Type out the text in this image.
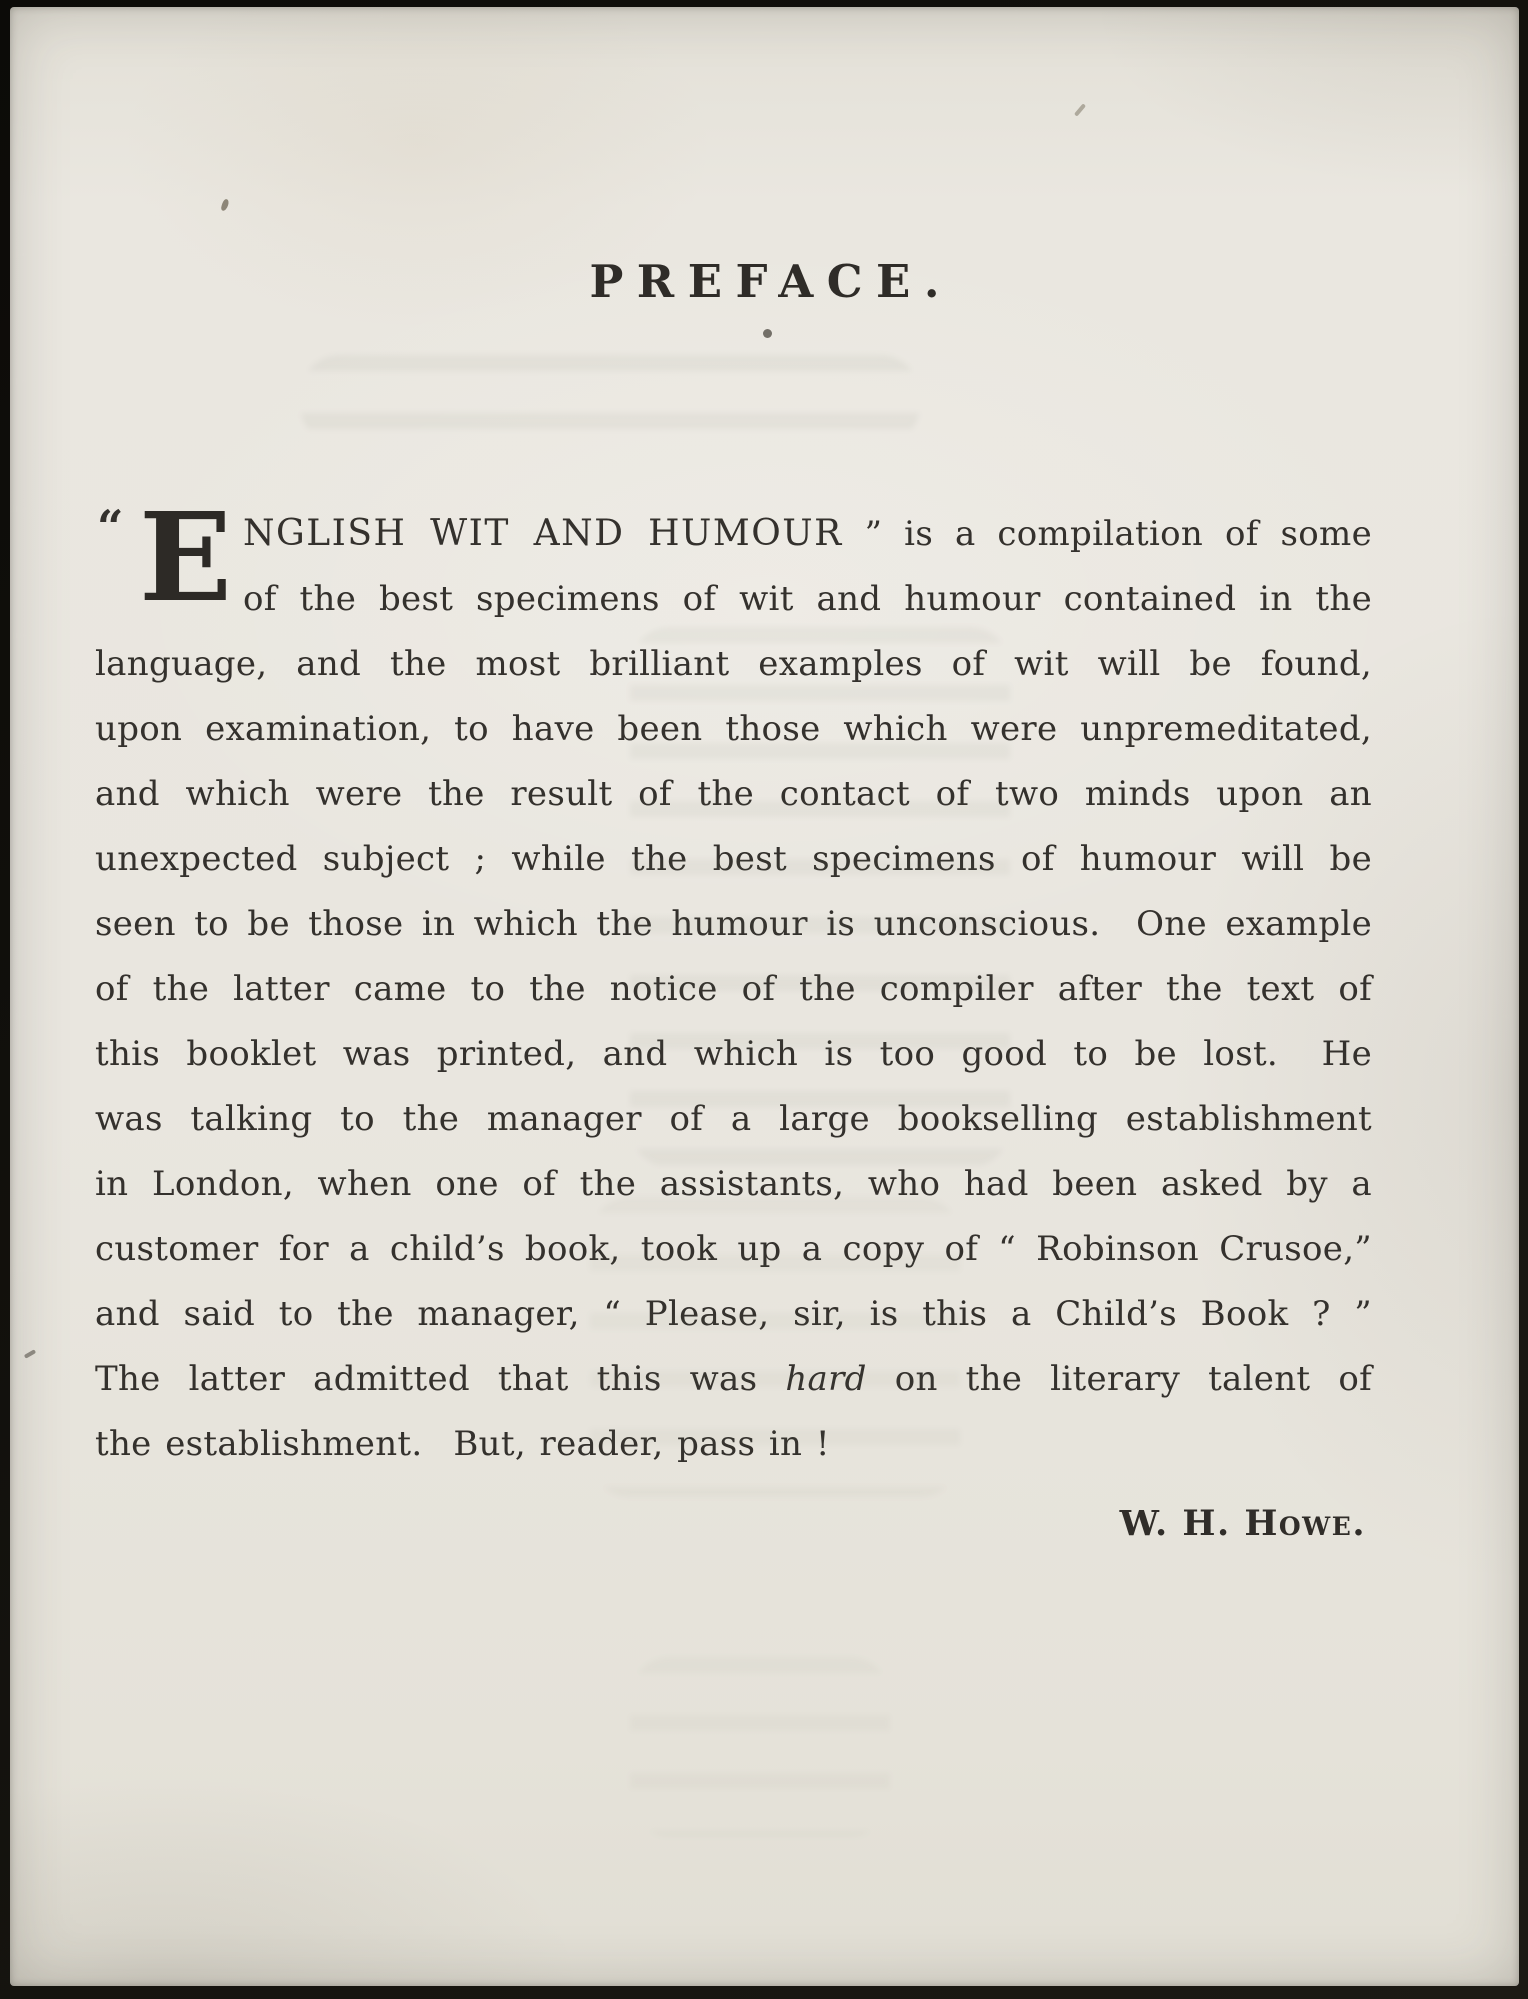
PREFACE.
“ E NGLISH WIT AND HUMOUR ” is a compilation of some
of the best specimens of wit and humour contained in the
language, and the most brilliant examples of wit will be found,
upon examination, to have been those which were unpremeditated,
and which were the result of the contact of two minds upon an
unexpected subject ; while the best specimens of humour will be
seen to be those in which the humour is unconscious.  One example
of the latter came to the notice of the compiler after the text of
this booklet was printed, and which is too good to be lost.  He
was talking to the manager of a large bookselling establishment
in London, when one of the assistants, who had been asked by a
customer for a child’s book, took up a copy of “ Robinson Crusoe,”
and said to the manager, “ Please, sir, is this a Child’s Book ? ”
The latter admitted that this was hard on the literary talent of
the establishment.  But, reader, pass in !
W. H. Howe.
